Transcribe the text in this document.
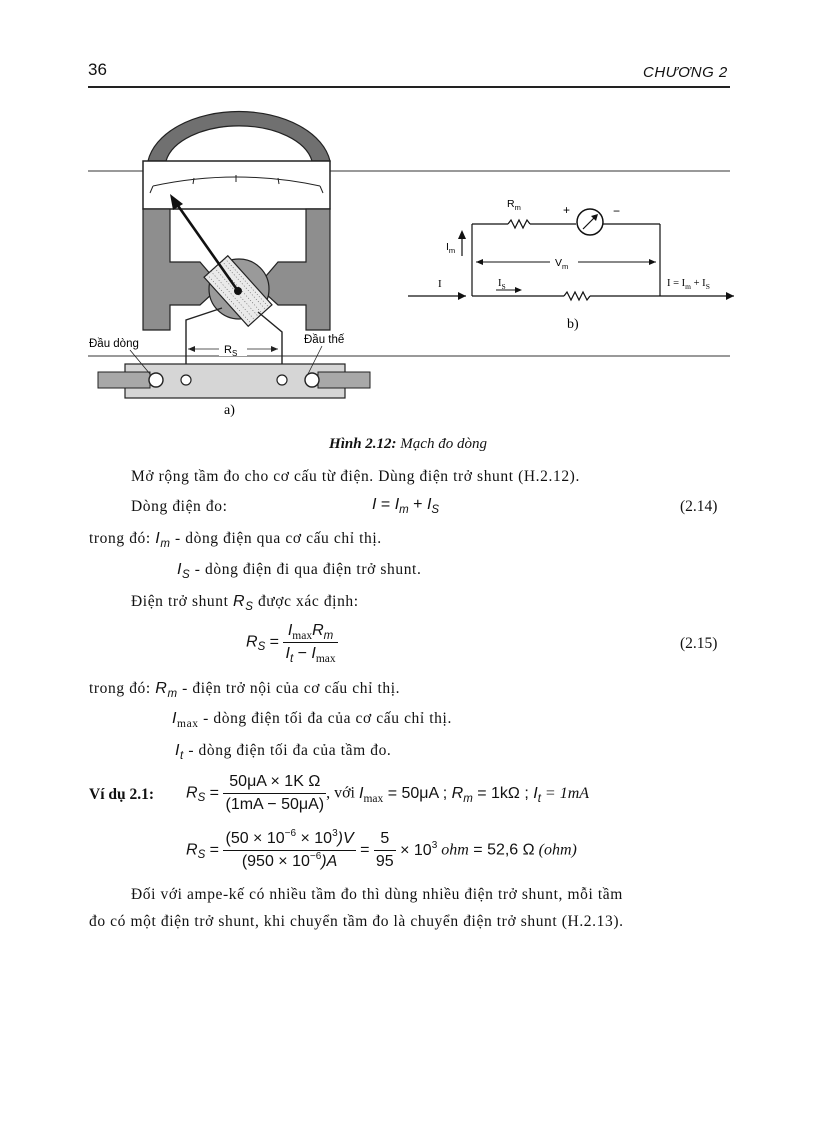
36	CHƯƠNG 2
Đầu dòng	Đầu thế
$R_S$
a)
$R_m$	+	−
$I_m$
$V_m$
I	$I_S$	$I = I_m + I_S$
b)
Hình 2.12: Mạch đo dòng
Mở rộng tầm đo cho cơ cấu từ điện. Dùng điện trở shunt (H.2.12).
Dòng điện đo:	$I = I_m + I_S$	(2.14)
trong đó: $I_m$ - dòng điện qua cơ cấu chỉ thị.
$I_S$ - dòng điện đi qua điện trở shunt.
Điện trở shunt $R_S$ được xác định:
$R_S = \frac{I_{max}R_m}{I_t - I_{max}}$	(2.15)
trong đó: $R_m$ - điện trở nội của cơ cấu chỉ thị.
$I_{max}$ - dòng điện tối đa của cơ cấu chỉ thị.
$I_t$ - dòng điện tối đa của tầm đo.
Ví dụ 2.1: $R_S = \frac{\text{50μA × 1K Ω}}{(1mA - 50\mu A)}$ , với $I_{max} = 50\mu A$ ; $R_m = 1k\Omega$ ; $I_t = 1mA$
$R_S = \frac{(50 \times 10^{-6} \times 10^3)V}{(950 \times 10^{-6})A} = \frac{5}{95} \times 10^3$ ohm = 52,6 Ω (ohm)
Đối với ampe-kế có nhiều tầm đo thì dùng nhiều điện trở shunt, mỗi tầm
đo có một điện trở shunt, khi chuyển tầm đo là chuyển điện trở shunt (H.2.13).
